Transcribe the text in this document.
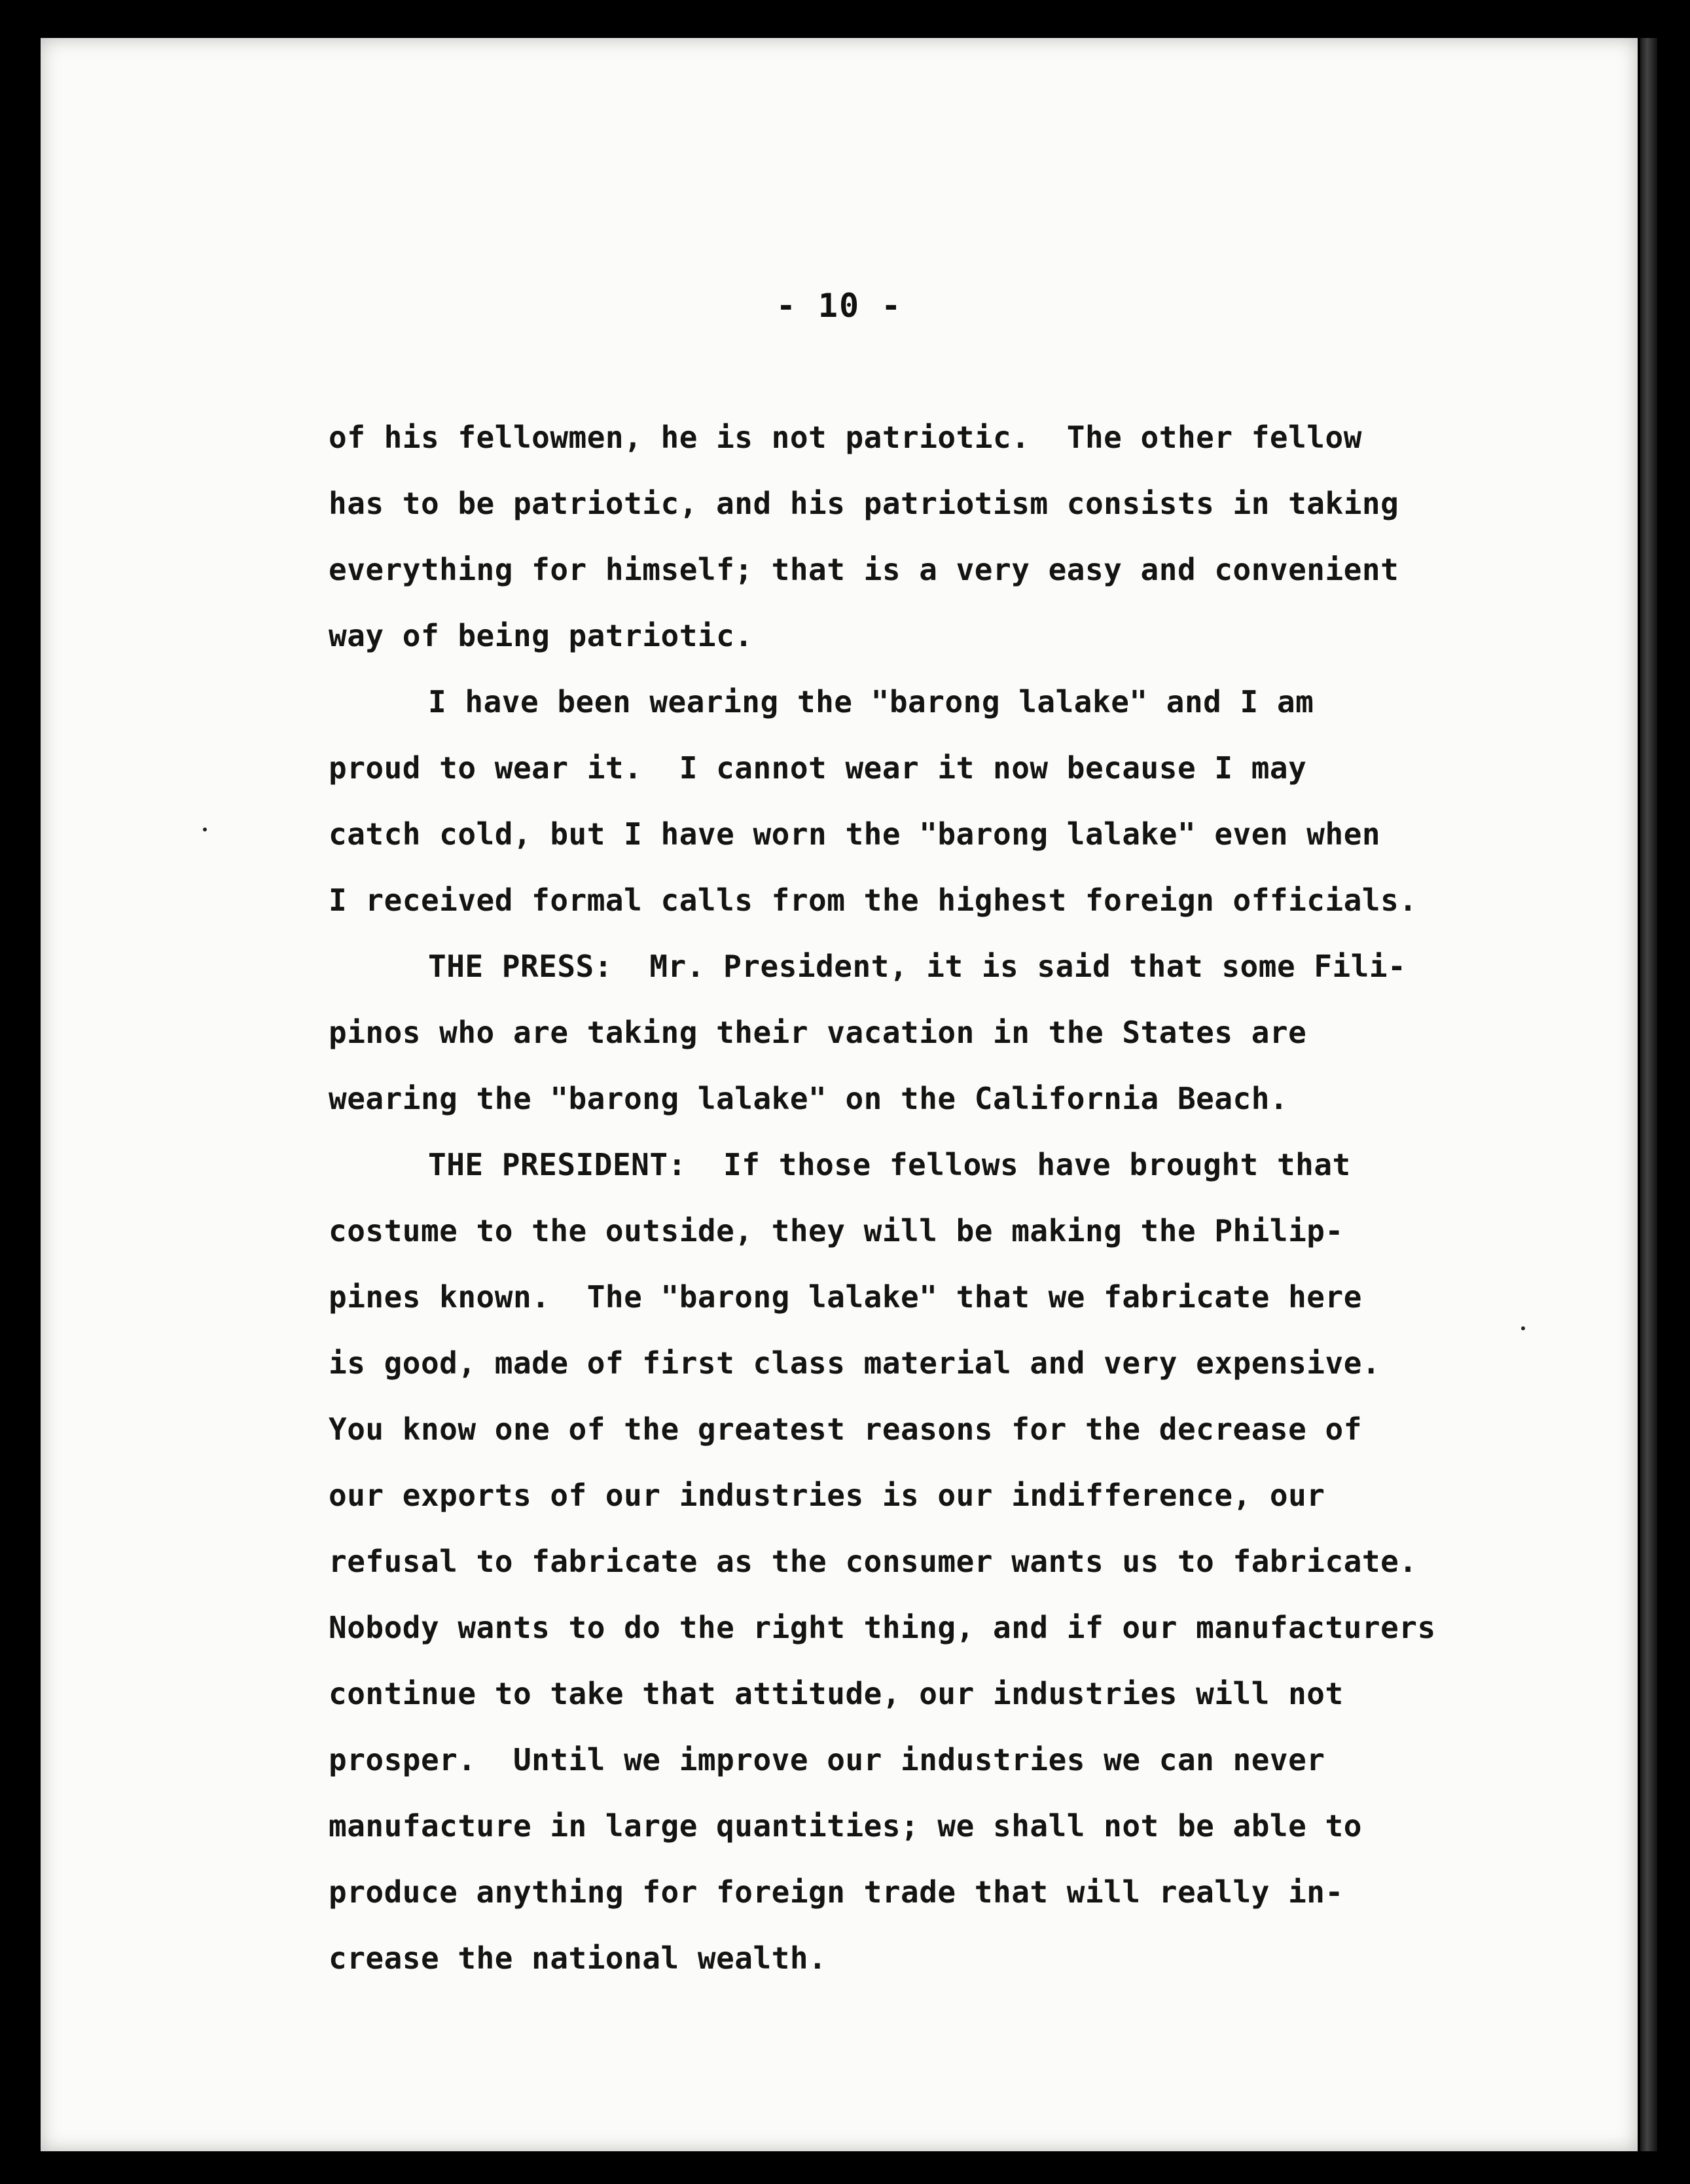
- 10 -
of his fellowmen, he is not patriotic.  The other fellow
has to be patriotic, and his patriotism consists in taking
everything for himself; that is a very easy and convenient
way of being patriotic.
I have been wearing the "barong lalake" and I am
proud to wear it.  I cannot wear it now because I may
catch cold, but I have worn the "barong lalake" even when
I received formal calls from the highest foreign officials.
THE PRESS:  Mr. President, it is said that some Fili-
pinos who are taking their vacation in the States are
wearing the "barong lalake" on the California Beach.
THE PRESIDENT:  If those fellows have brought that
costume to the outside, they will be making the Philip-
pines known.  The "barong lalake" that we fabricate here
is good, made of first class material and very expensive.
You know one of the greatest reasons for the decrease of
our exports of our industries is our indifference, our
refusal to fabricate as the consumer wants us to fabricate.
Nobody wants to do the right thing, and if our manufacturers
continue to take that attitude, our industries will not
prosper.  Until we improve our industries we can never
manufacture in large quantities; we shall not be able to
produce anything for foreign trade that will really in-
crease the national wealth.
